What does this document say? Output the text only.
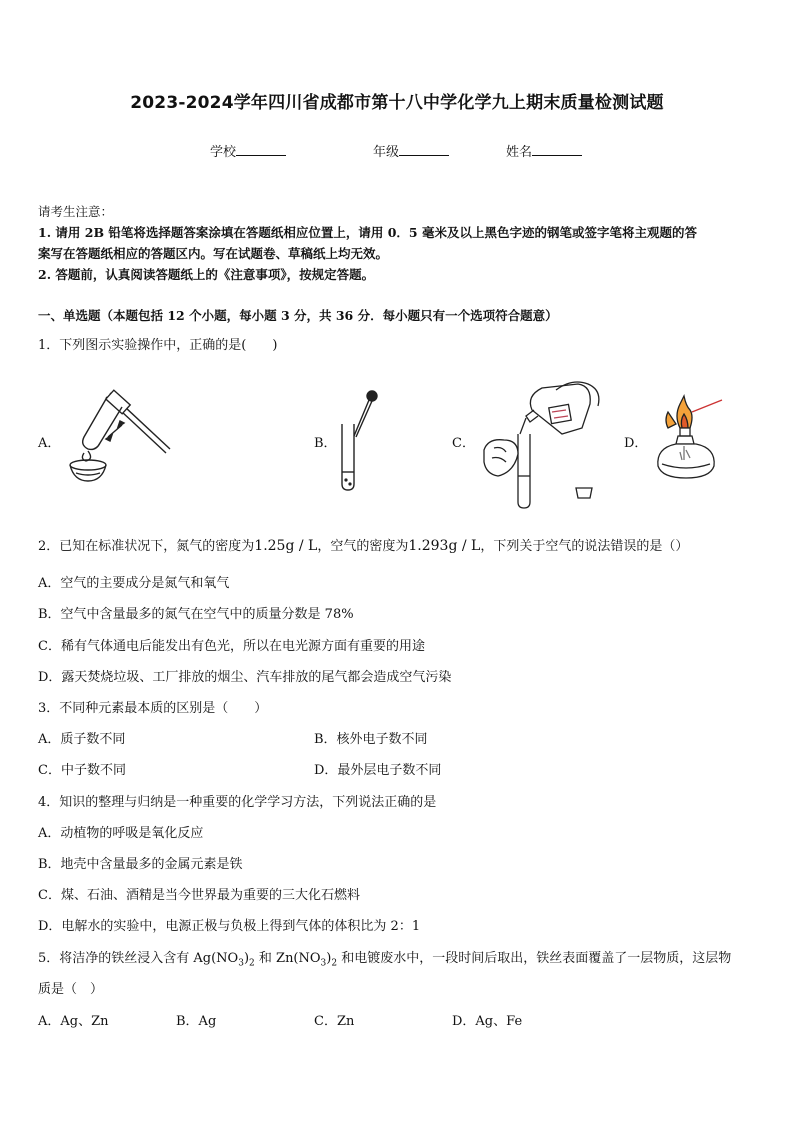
2023-2024学年四川省成都市第十八中学化学九上期末质量检测试题
学校	年级	姓名
请考生注意：
1. 请用 2B 铅笔将选择题答案涂填在答题纸相应位置上，请用 0．5 毫米及以上黑色字迹的钢笔或签字笔将主观题的答
案写在答题纸相应的答题区内。写在试题卷、草稿纸上均无效。
2. 答题前，认真阅读答题纸上的《注意事项》，按规定答题。
一、单选题（本题包括 12 个小题，每小题 3 分，共 36 分．每小题只有一个选项符合题意）
1．下列图示实验操作中，正确的是(　　)
A．	B．	C．	D．
2．已知在标准状况下，氮气的密度为1.25g / L，空气的密度为1.293g / L，下列关于空气的说法错误的是（）
A．空气的主要成分是氮气和氧气
B．空气中含量最多的氮气在空气中的质量分数是 78%
C．稀有气体通电后能发出有色光，所以在电光源方面有重要的用途
D．露天焚烧垃圾、工厂排放的烟尘、汽车排放的尾气都会造成空气污染
3．不同种元素最本质的区别是（　　）
A．质子数不同	B．核外电子数不同
C．中子数不同	D．最外层电子数不同
4．知识的整理与归纳是一种重要的化学学习方法，下列说法正确的是
A．动植物的呼吸是氧化反应
B．地壳中含量最多的金属元素是铁
C．煤、石油、酒精是当今世界最为重要的三大化石燃料
D．电解水的实验中，电源正极与负极上得到气体的体积比为 2：1
5．将洁净的铁丝浸入含有 $Ag(NO_3)_2$ 和 $Zn(NO_3)_2$ 和电镀废水中，一段时间后取出，铁丝表面覆盖了一层物质，这层物
质是（　）
A．Ag、Zn	B．Ag	C．Zn	D．Ag、Fe
